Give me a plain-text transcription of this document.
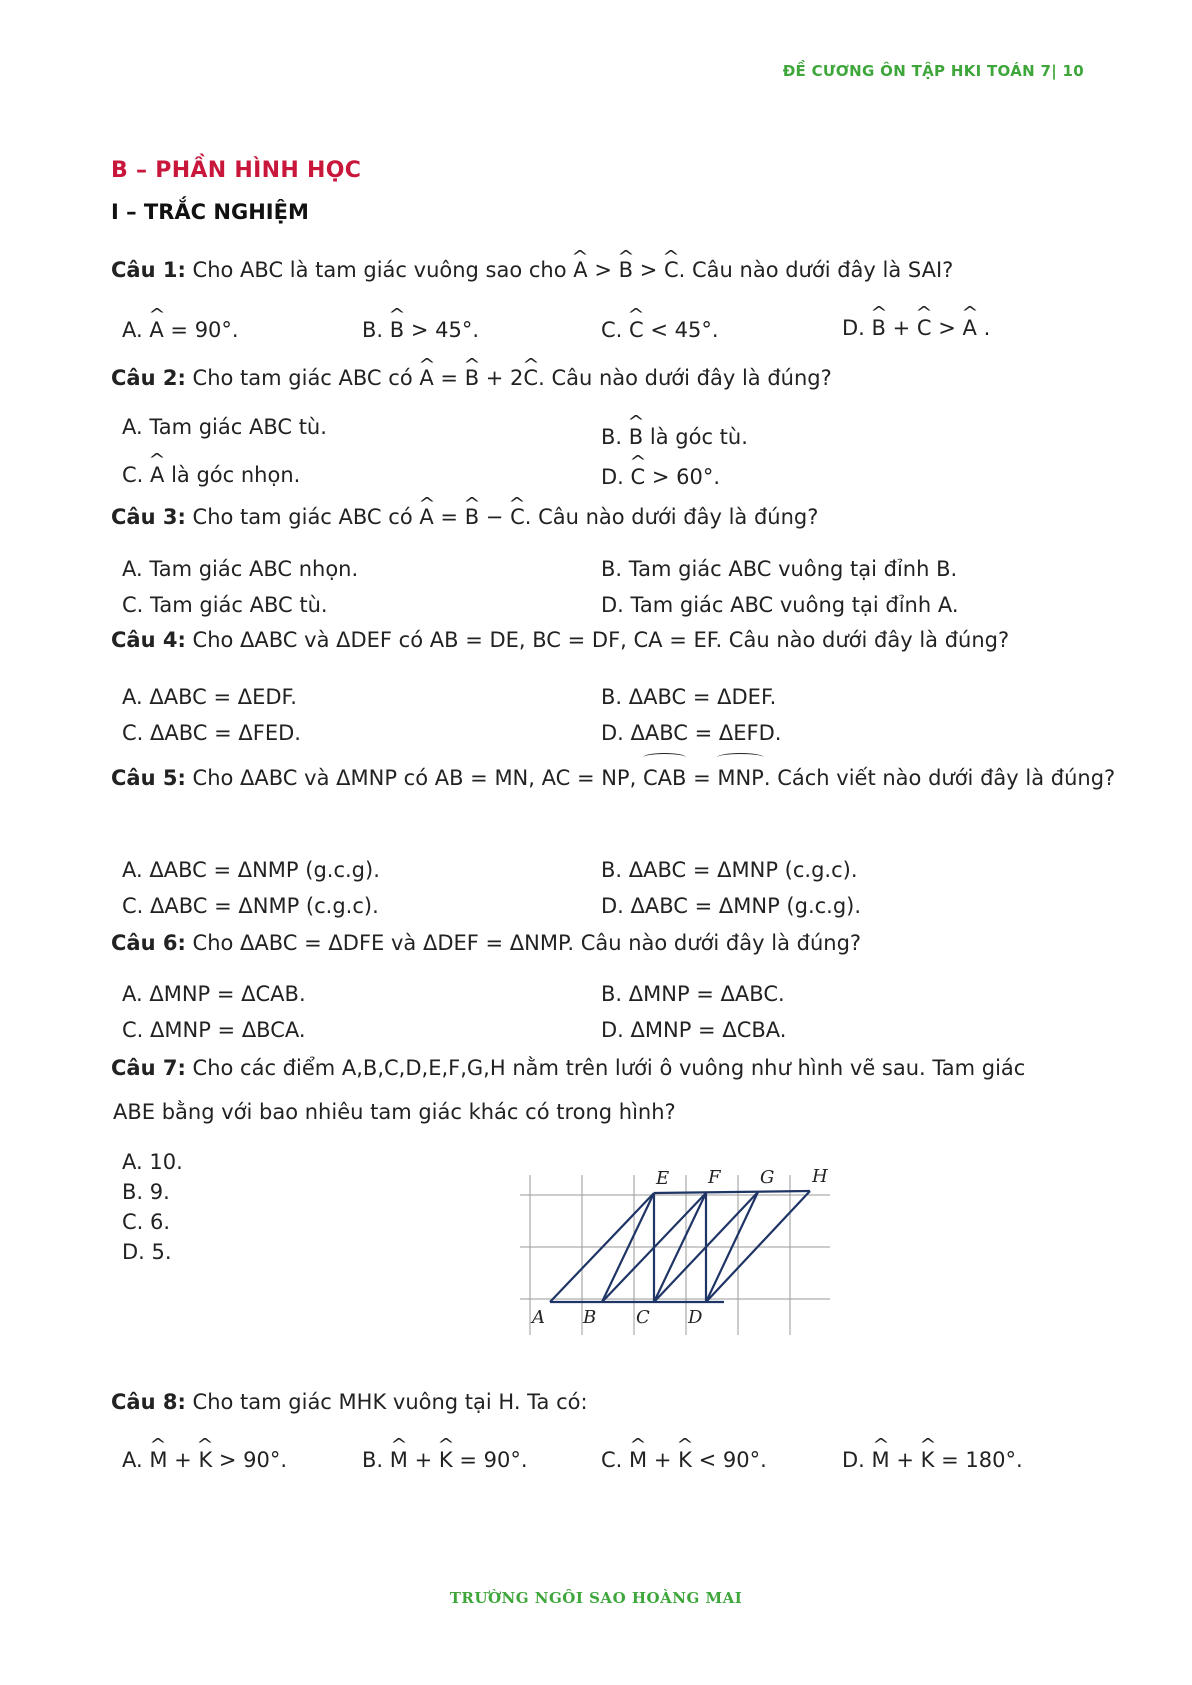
ĐỀ CƯƠNG ÔN TẬP HKI TOÁN 7| 10
B – PHẦN HÌNH HỌC
I – TRẮC NGHIỆM
Câu 1: Cho ABC là tam giác vuông sao cho ^ A > ^ B > ^ C. Câu nào dưới đây là SAI?
A. ^ A = 90°.	B. ^ B > 45°.	C. ^ C < 45°.	D. ^ B + ^ C > ^ A .
Câu 2: Cho tam giác ABC có ^ A = ^ B + 2^ C. Câu nào dưới đây là đúng?
A. Tam giác ABC tù.	B. ^ B là góc tù.
C. ^ A là góc nhọn.	D. ^ C > 60°.
Câu 3: Cho tam giác ABC có ^ A = ^ B − ^ C. Câu nào dưới đây là đúng?
A. Tam giác ABC nhọn.	B. Tam giác ABC vuông tại đỉnh B.
C. Tam giác ABC tù.	D. Tam giác ABC vuông tại đỉnh A.
Câu 4: Cho ΔABC và ΔDEF có AB = DE, BC = DF, CA = EF. Câu nào dưới đây là đúng?
A. ΔABC = ΔEDF.	B. ΔABC = ΔDEF.
C. ΔABC = ΔFED.	D. ΔABC = ΔEFD.
Câu 5: Cho ΔABC và ΔMNP có AB = MN, AC = NP, CAB = MNP. Cách viết nào dưới đây là đúng?
A. ΔABC = ΔNMP (g.c.g).	B. ΔABC = ΔMNP (c.g.c).
C. ΔABC = ΔNMP (c.g.c).	D. ΔABC = ΔMNP (g.c.g).
Câu 6: Cho ΔABC = ΔDFE và ΔDEF = ΔNMP. Câu nào dưới đây là đúng?
A. ΔMNP = ΔCAB.	B. ΔMNP = ΔABC.
C. ΔMNP = ΔBCA.	D. ΔMNP = ΔCBA.
Câu 7: Cho các điểm A,B,C,D,E,F,G,H nằm trên lưới ô vuông như hình vẽ sau. Tam giác
ABE bằng với bao nhiêu tam giác khác có trong hình?
A. 10.
B. 9.
C. 6.
D. 5.
A B C D
E F G H
Câu 8: Cho tam giác MHK vuông tại H. Ta có:
A. ^ M + ^ K > 90°.	B. ^ M + ^ K = 90°.	C. ^ M + ^ K < 90°.	D. ^ M + ^ K = 180°.
TRƯỜNG NGÔI SAO HOÀNG MAI
